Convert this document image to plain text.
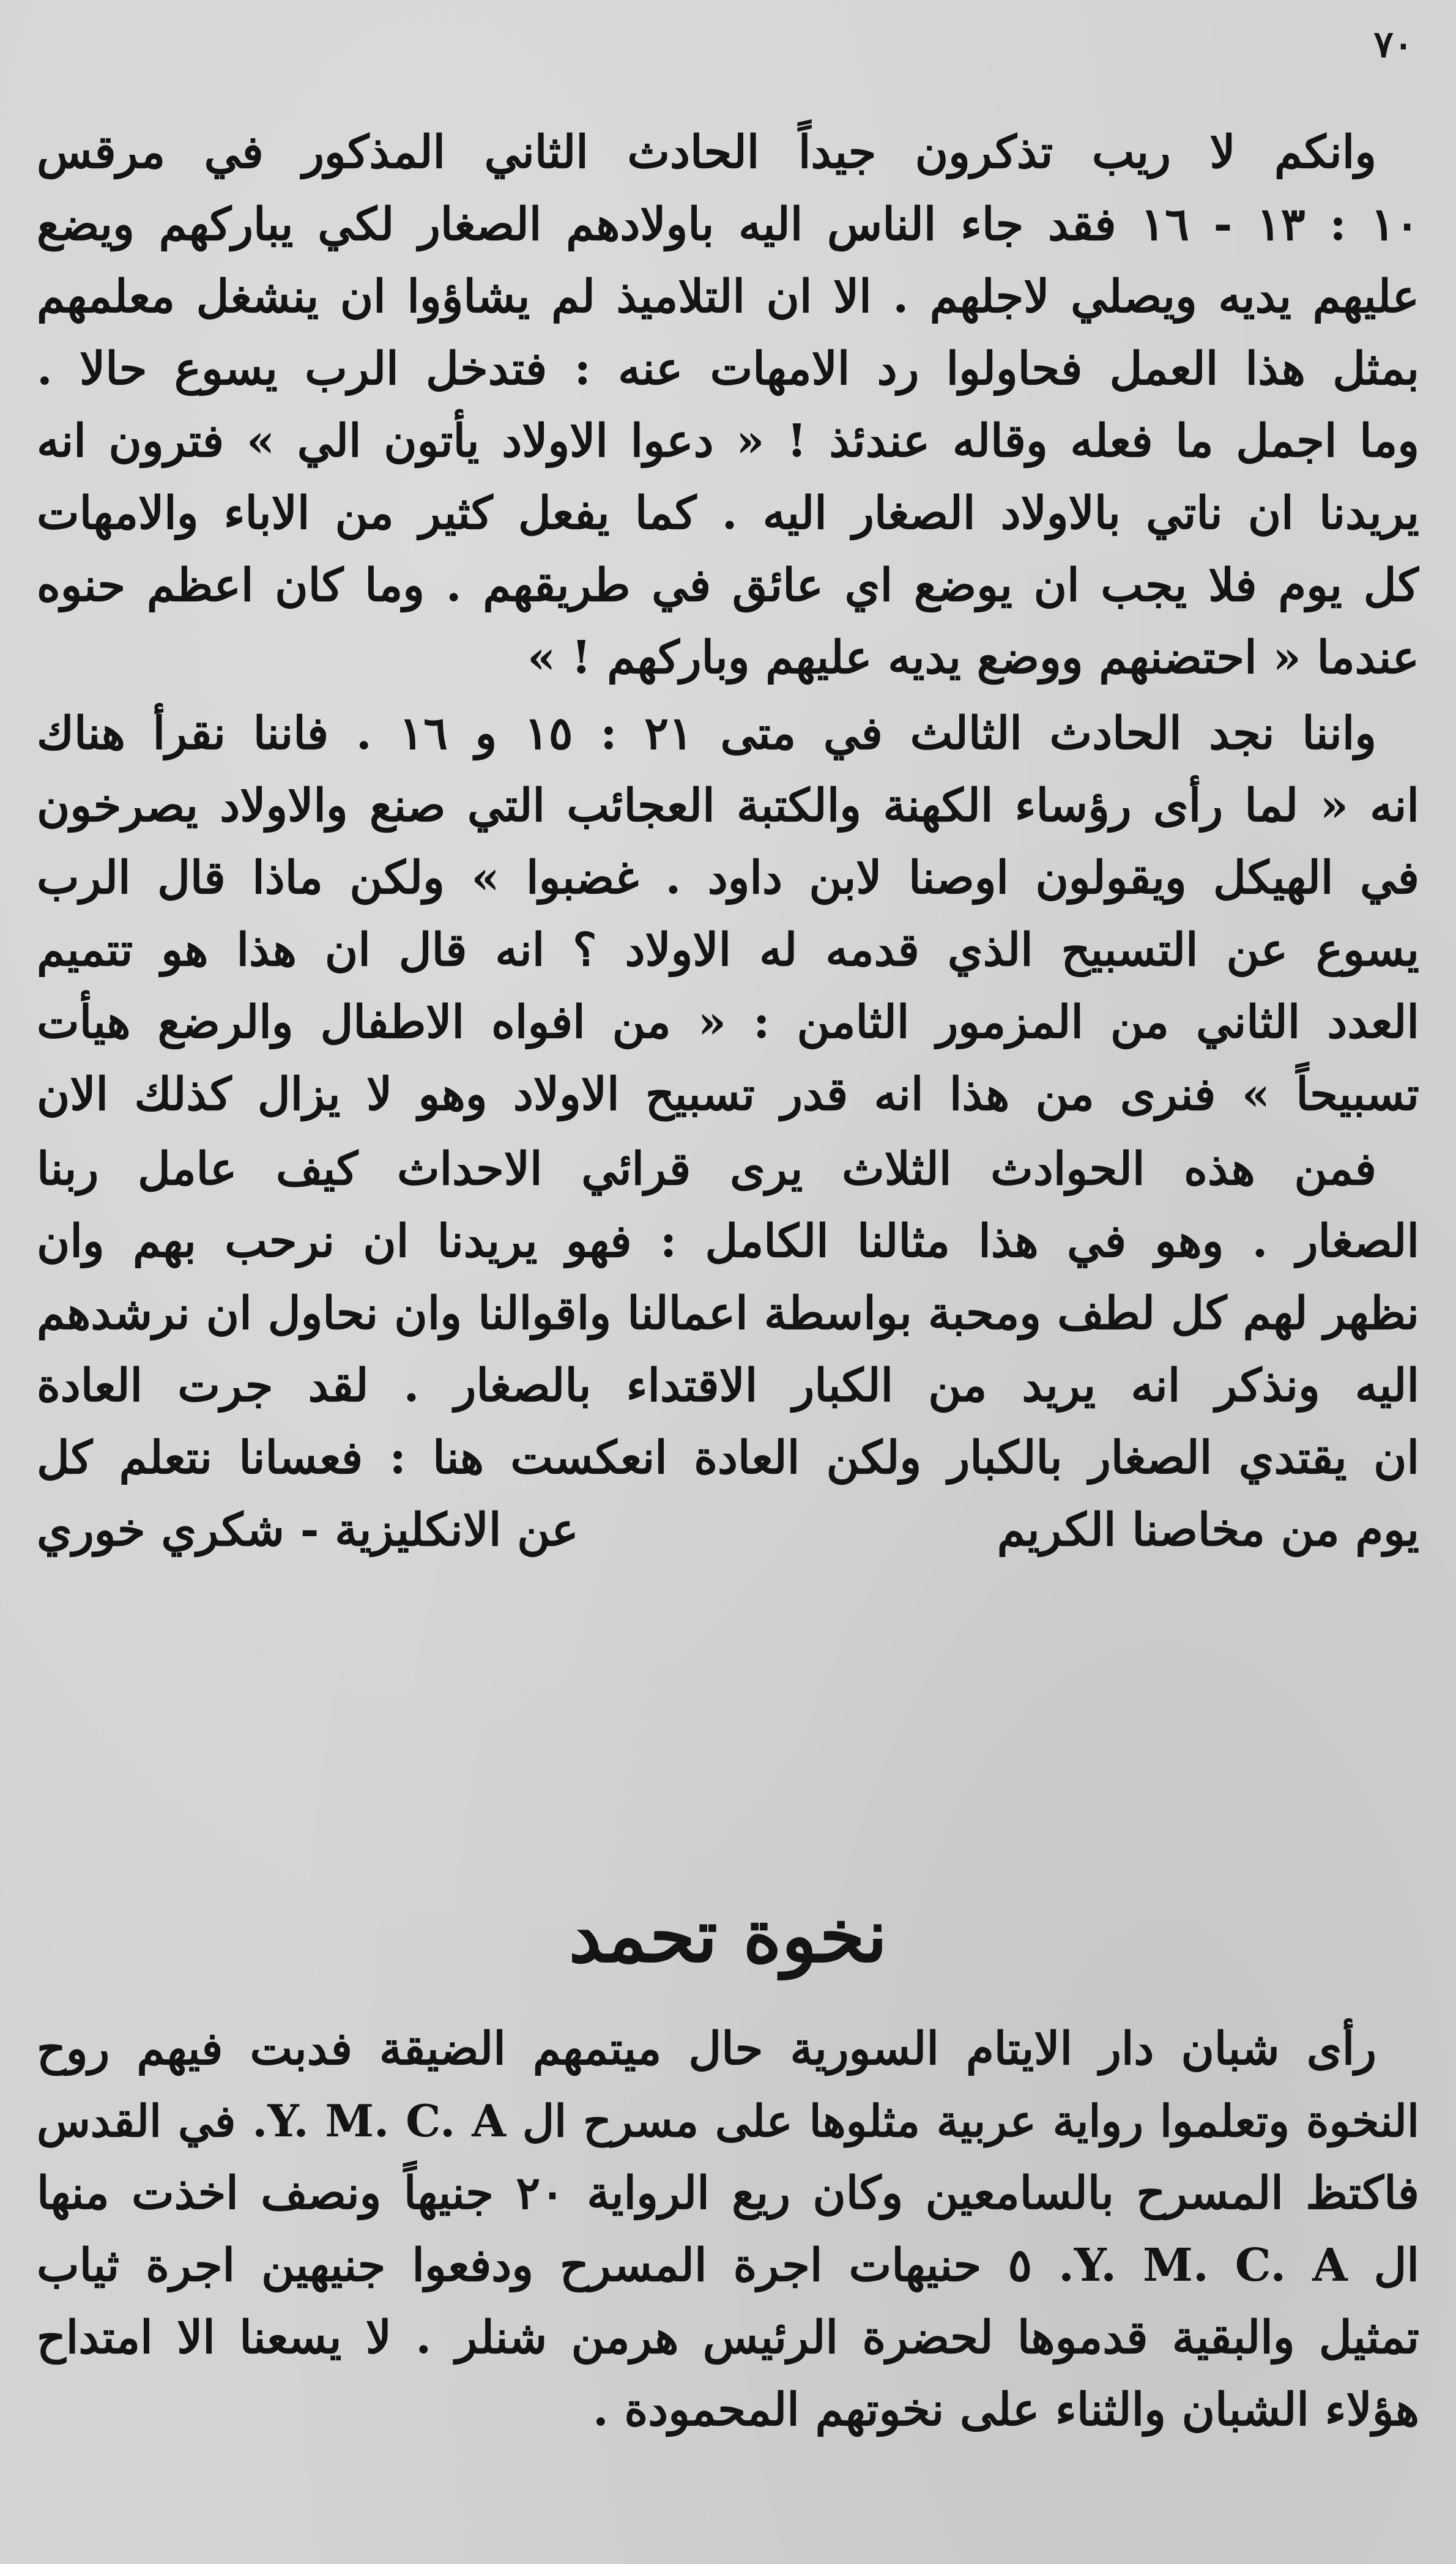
٧٠
وانكم لا ريب تذكرون جيداً الحادث الثاني المذكور في مرقس
١٠ : ١٣ - ١٦ فقد جاء الناس اليه باولادهم الصغار لكي يباركهم ويضع
عليهم يديه ويصلي لاجلهم . الا ان التلاميذ لم يشاؤوا ان ينشغل معلمهم
بمثل هذا العمل فحاولوا رد الامهات عنه : فتدخل الرب يسوع حالا .
وما اجمل ما فعله وقاله عندئذ ! « دعوا الاولاد يأتون الي » فترون انه
يريدنا ان ناتي بالاولاد الصغار اليه . كما يفعل كثير من الاباء والامهات
كل يوم فلا يجب ان يوضع اي عائق في طريقهم . وما كان اعظم حنوه
عندما « احتضنهم ووضع يديه عليهم وباركهم ! »
واننا نجد الحادث الثالث في متى ٢١ : ١٥ و ١٦ . فاننا نقرأ هناك
انه « لما رأى رؤساء الكهنة والكتبة العجائب التي صنع والاولاد يصرخون
في الهيكل ويقولون اوصنا لابن داود . غضبوا » ولكن ماذا قال الرب
يسوع عن التسبيح الذي قدمه له الاولاد ؟ انه قال ان هذا هو تتميم
العدد الثاني من المزمور الثامن : « من افواه الاطفال والرضع هيأت
تسبيحاً » فنرى من هذا انه قدر تسبيح الاولاد وهو لا يزال كذلك الان
فمن هذه الحوادث الثلاث يرى قرائي الاحداث كيف عامل ربنا
الصغار . وهو في هذا مثالنا الكامل : فهو يريدنا ان نرحب بهم وان
نظهر لهم كل لطف ومحبة بواسطة اعمالنا واقوالنا وان نحاول ان نرشدهم
اليه ونذكر انه يريد من الكبار الاقتداء بالصغار . لقد جرت العادة
ان يقتدي الصغار بالكبار ولكن العادة انعكست هنا : فعسانا نتعلم كل
يوم من مخاصنا الكريم
عن الانكليزية - شكري خوري
نخوة تحمد
رأى شبان دار الايتام السورية حال ميتمهم الضيقة فدبت فيهم روح
النخوة وتعلموا رواية عربية مثلوها على مسرح ال Y. M. C. A. في القدس
فاكتظ المسرح بالسامعين وكان ريع الرواية ٢٠ جنيهاً ونصف اخذت منها
ال Y. M. C. A. ٥ حنيهات اجرة المسرح ودفعوا جنيهين اجرة ثياب
تمثيل والبقية قدموها لحضرة الرئيس هرمن شنلر . لا يسعنا الا امتداح
هؤلاء الشبان والثناء على نخوتهم المحمودة .
